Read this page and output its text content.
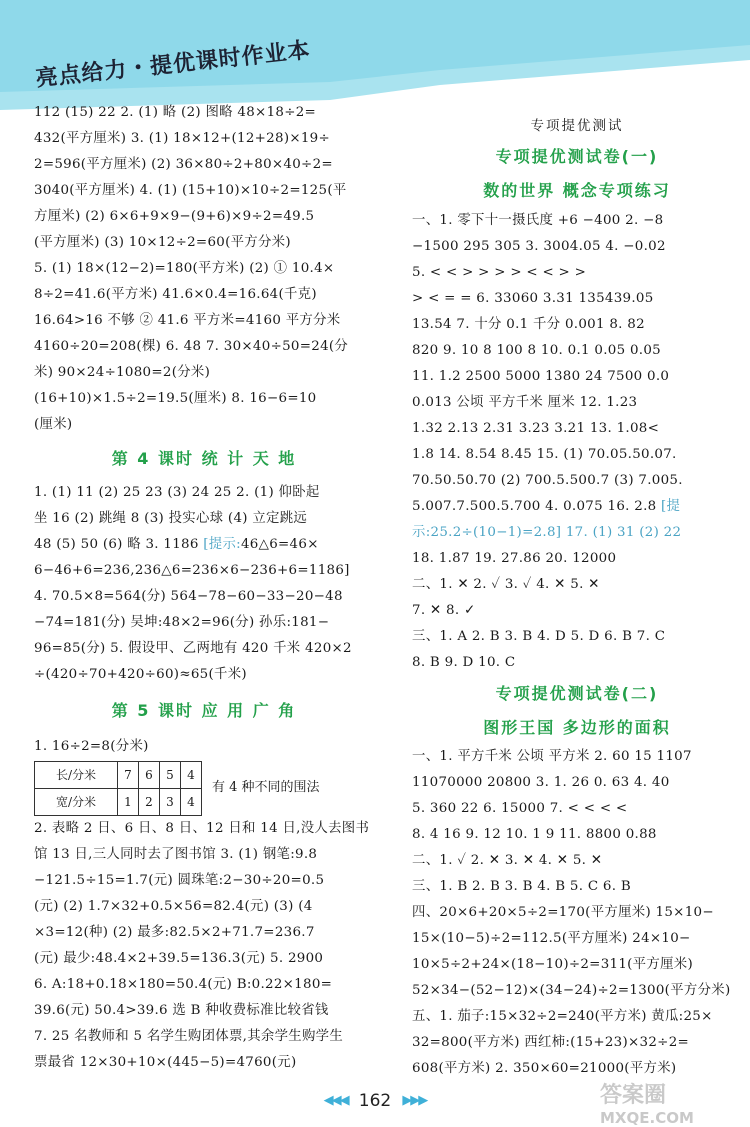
亮点给力・提优课时作业本
112 (15) 22 2. (1) 略 (2) 图略 48×18÷2=
432(平方厘米) 3. (1) 18×12+(12+28)×19÷
2=596(平方厘米) (2) 36×80÷2+80×40÷2=
3040(平方厘米) 4. (1) (15+10)×10÷2=125(平
方厘米) (2) 6×6+9×9−(9+6)×9÷2=49.5
(平方厘米) (3) 10×12÷2=60(平方分米)
5. (1) 18×(12−2)=180(平方米) (2) ① 10.4×
8÷2=41.6(平方米) 41.6×0.4=16.64(千克)
16.64>16 不够 ② 41.6 平方米=4160 平方分米
4160÷20=208(棵) 6. 48 7. 30×40÷50=24(分
米) 90×24÷1080=2(分米)
(16+10)×1.5÷2=19.5(厘米) 8. 16−6=10
(厘米)
第 4 课时 统 计 天 地
1. (1) 11 (2) 25 23 (3) 24 25 2. (1) 仰卧起
坐 16 (2) 跳绳 8 (3) 投实心球 (4) 立定跳远
48 (5) 50 (6) 略 3. 1186 [提示:46△6=46×
6−46+6=236,236△6=236×6−236+6=1186]
4. 70.5×8=564(分) 564−78−60−33−20−48
−74=181(分) 吴坤:48×2=96(分) 孙乐:181−
96=85(分) 5. 假设甲、乙两地有 420 千米 420×2
÷(420÷70+420÷60)≈65(千米)
第 5 课时 应 用 广 角
1. 16÷2=8(分米)
长/分米	7	6	5	4
宽/分米	1	2	3	4
有 4 种不同的围法
2. 表略 2 日、6 日、8 日、12 日和 14 日,没人去图书
馆 13 日,三人同时去了图书馆 3. (1) 钢笔:9.8
−121.5÷15=1.7(元) 圆珠笔:2−30÷20=0.5
(元) (2) 1.7×32+0.5×56=82.4(元) (3) (4
×3=12(种) (2) 最多:82.5×2+71.7=236.7
(元) 最少:48.4×2+39.5=136.3(元) 5. 2900
6. A:18+0.18×180=50.4(元) B:0.22×180=
39.6(元) 50.4>39.6 选 B 种收费标准比较省钱
7. 25 名教师和 5 名学生购团体票,其余学生购学生
票最省 12×30+10×(445−5)=4760(元)
专项提优测试
专项提优测试卷(一)
数的世界 概念专项练习
一、1. 零下十一摄氏度 +6 −400 2. −8
−1500 295 305 3. 3004.05 4. −0.02
5. < < > > > > < < > >
> < = = 6. 33060 3.31 135439.05
13.54 7. 十分 0.1 千分 0.001 8. 82
820 9. 10 8 100 8 10. 0.1 0.05 0.05
11. 1.2 2500 5000 1380 24 7500 0.0
0.013 公顷 平方千米 厘米 12. 1.23
1.32 2.13 2.31 3.23 3.21 13. 1.08<
1.8 14. 8.54 8.45 15. (1) 70.05.50.07.
70.50.50.70 (2) 700.5.500.7 (3) 7.005.
5.007.7.500.5.700 4. 0.075 16. 2.8 [提
示:25.2÷(10−1)=2.8] 17. (1) 31 (2) 22
18. 1.87 19. 27.86 20. 12000
二、1. ✕ 2. ✓ 3. ✓ 4. ✕ 5. ✕
7. ✕ 8. ✓
三、1. A 2. B 3. B 4. D 5. D 6. B 7. C
8. B 9. D 10. C
专项提优测试卷(二)
图形王国 多边形的面积
一、1. 平方千米 公顷 平方米 2. 60 15 1107
11070000 20800 3. 1. 26 0. 63 4. 40
5. 360 22 6. 15000 7. < < < <
8. 4 16 9. 12 10. 1 9 11. 8800 0.88
二、1. ✓ 2. ✕ 3. ✕ 4. ✕ 5. ✕
三、1. B 2. B 3. B 4. B 5. C 6. B
四、20×6+20×5÷2=170(平方厘米) 15×10−
15×(10−5)÷2=112.5(平方厘米) 24×10−
10×5÷2+24×(18−10)÷2=311(平方厘米)
52×34−(52−12)×(34−24)÷2=1300(平方分米)
五、1. 茄子:15×32÷2=240(平方米) 黄瓜:25×
32=800(平方米) 西红柿:(15+23)×32÷2=
608(平方米) 2. 350×60=21000(平方米)
◀◀◀ 162 ▶▶▶	答案圈
MXQE.COM
